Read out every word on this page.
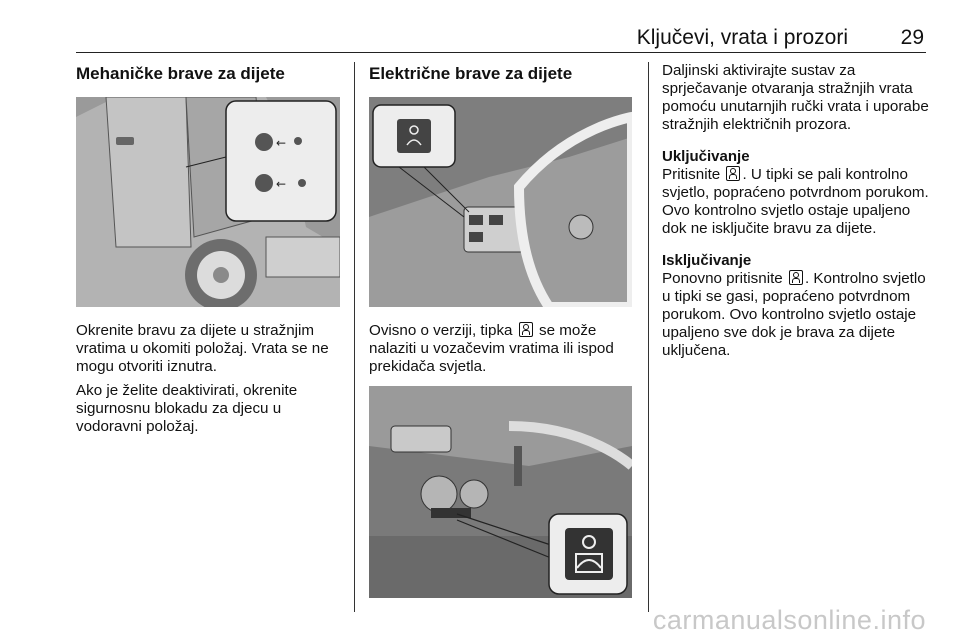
Ključevi, vrata i prozori	29
Mehaničke brave za dijete
←
←

Okrenite bravu za dijete u stražnjim vratima u okomiti položaj. Vrata se ne mogu otvoriti iznutra.

Ako je želite deaktivirati, okrenite sigurnosnu blokadu za djecu u vodoravni položaj.

Električne brave za dijete

Ovisno o verziji, tipka se može nalaziti u vozačevim vratima ili ispod prekidača svjetla.

Daljinski aktivirajte sustav za sprječavanje otvaranja stražnjih vrata pomoću unutarnjih ručki vrata i uporabe stražnjih električnih prozora.

Uključivanje

Pritisnite . U tipki se pali kontrolno svjetlo, popraćeno potvrdnom porukom. Ovo kontrolno svjetlo ostaje upaljeno dok ne isključite bravu za dijete.

Isključivanje

Ponovno pritisnite . Kontrolno svjetlo u tipki se gasi, popraćeno potvrdnom porukom. Ovo kontrolno svjetlo ostaje upaljeno sve dok je brava za dijete uključena.

carmanualsonline.info
